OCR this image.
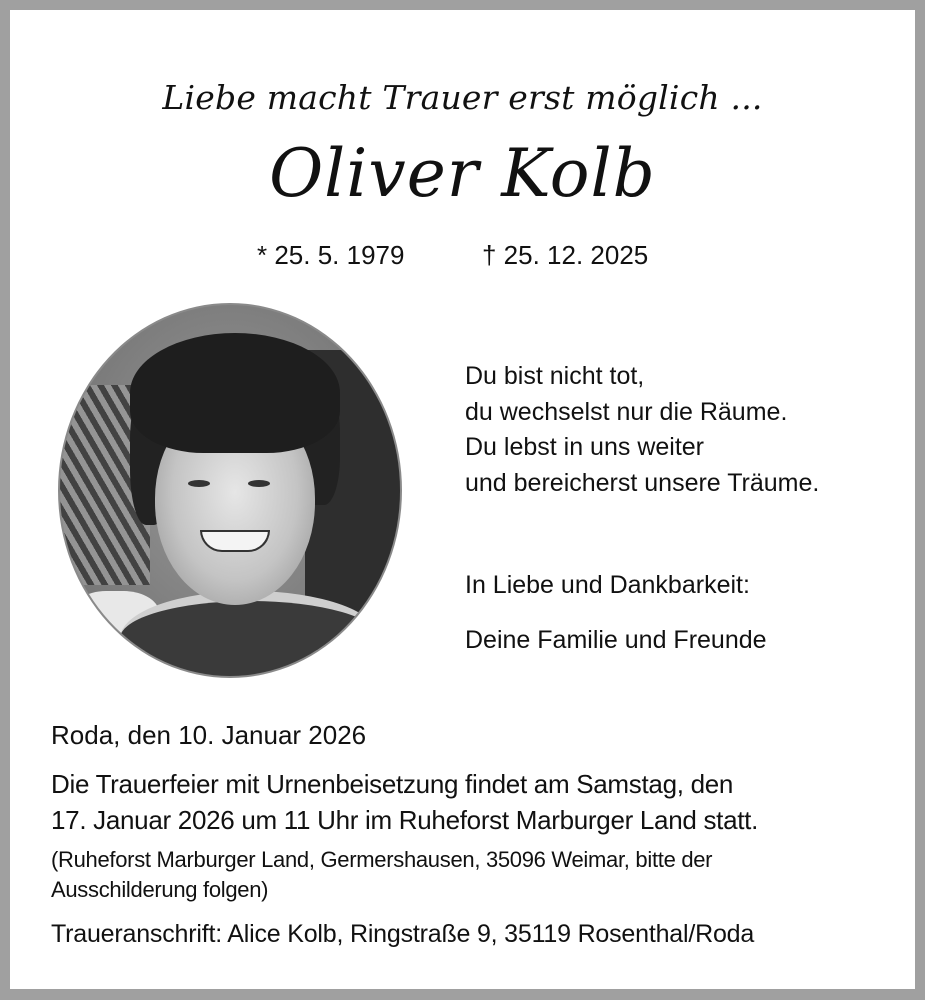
Liebe macht Trauer erst möglich ...
Oliver Kolb
* 25. 5. 1979	† 25. 12. 2025
Du bist nicht tot,
du wechselst nur die Räume.
Du lebst in uns weiter
und bereicherst unsere Träume.
In Liebe und Dankbarkeit:
Deine Familie und Freunde
Roda, den 10. Januar 2026
Die Trauerfeier mit Urnenbeisetzung findet am Samstag, den
17. Januar 2026 um 11 Uhr im Ruheforst Marburger Land statt.
(Ruheforst Marburger Land, Germershausen, 35096 Weimar, bitte der
Ausschilderung folgen)
Traueranschrift: Alice Kolb, Ringstraße 9, 35119 Rosenthal/Roda
